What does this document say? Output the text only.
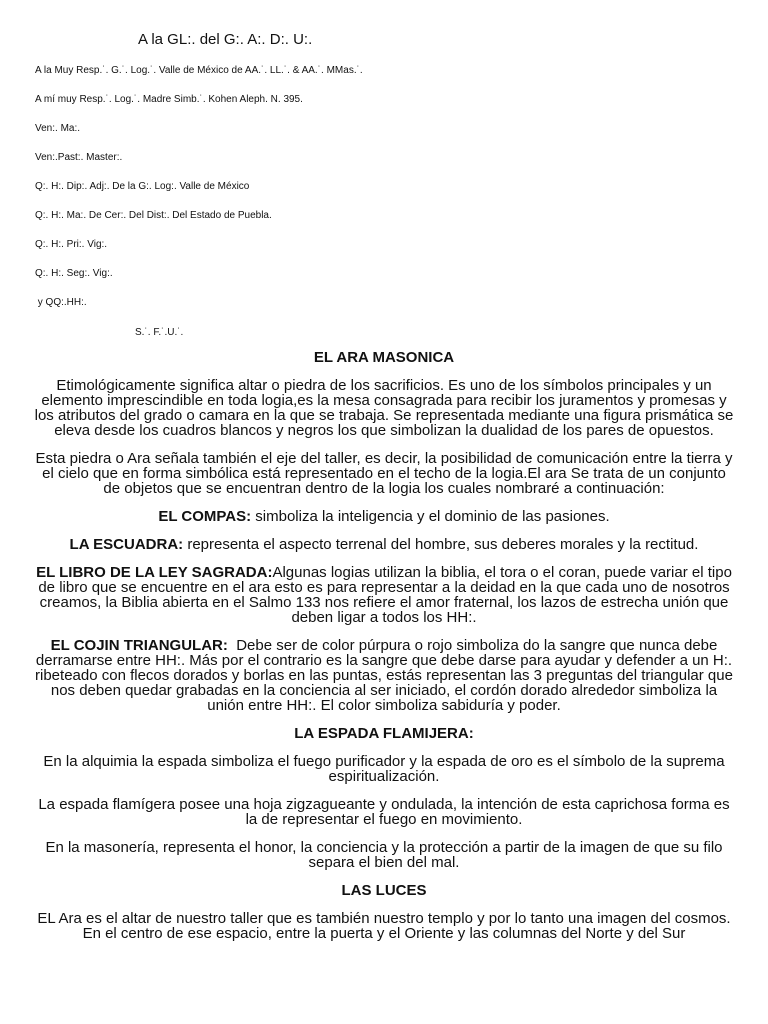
A la GL:. del G:. A:. D:. U:.

A la Muy Resp.˙. G.˙. Log.˙. Valle de México de AA.˙. LL.˙. & AA.˙. MMas.˙.

A mí muy Resp.˙. Log.˙. Madre Simb.˙. Kohen Aleph. N. 395.

Ven:. Ma:.

Ven:.Past:. Master:.

Q:. H:. Dip:. Adj:. De la G:. Log:. Valle de México

Q:. H:. Ma:. De Cer:. Del Dist:. Del Estado de Puebla.

Q:. H:. Pri:. Vig:.

Q:. H:. Seg:. Vig:.

y QQ:.HH:.

S.˙. F.˙.U.˙.

EL ARA MASONICA

Etimológicamente significa altar o piedra de los sacrificios. Es uno de los símbolos principales y un elemento imprescindible en toda logia,es la mesa consagrada para recibir los juramentos y promesas y los atributos del grado o camara en la que se trabaja. Se representada mediante una figura prismática se eleva desde los cuadros blancos y negros los que simbolizan la dualidad de los pares de opuestos.

Esta piedra o Ara señala también el eje del taller, es decir, la posibilidad de comunicación entre la tierra y el cielo que en forma simbólica está representado en el techo de la logia.El ara Se trata de un conjunto de objetos que se encuentran dentro de la logia los cuales nombraré a continuación:

EL COMPAS: simboliza la inteligencia y el dominio de las pasiones.

LA ESCUADRA: representa el aspecto terrenal del hombre, sus deberes morales y la rectitud.

EL LIBRO DE LA LEY SAGRADA:Algunas logias utilizan la biblia, el tora o el coran, puede variar el tipo de libro que se encuentre en el ara esto es para representar a la deidad en la que cada uno de nosotros creamos, la Biblia abierta en el Salmo 133 nos refiere el amor fraternal, los lazos de estrecha unión que deben ligar a todos los HH:.

EL COJIN TRIANGULAR:  Debe ser de color púrpura o rojo simboliza do la sangre que nunca debe derramarse entre HH:. Más por el contrario es la sangre que debe darse para ayudar y defender a un H:. ribeteado con flecos dorados y borlas en las puntas, estás representan las 3 preguntas del triangular que nos deben quedar grabadas en la conciencia al ser iniciado, el cordón dorado alrededor simboliza la unión entre HH:. El color simboliza sabiduría y poder.

LA ESPADA FLAMIJERA:

En la alquimia la espada simboliza el fuego purificador y la espada de oro es el símbolo de la suprema espiritualización.

La espada flamígera posee una hoja zigzagueante y ondulada, la intención de esta caprichosa forma es la de representar el fuego en movimiento.

En la masonería, representa el honor, la conciencia y la protección a partir de la imagen de que su filo separa el bien del mal.

LAS LUCES

EL Ara es el altar de nuestro taller que es también nuestro templo y por lo tanto una imagen del cosmos. En el centro de ese espacio, entre la puerta y el Oriente y las columnas del Norte y del Sur
